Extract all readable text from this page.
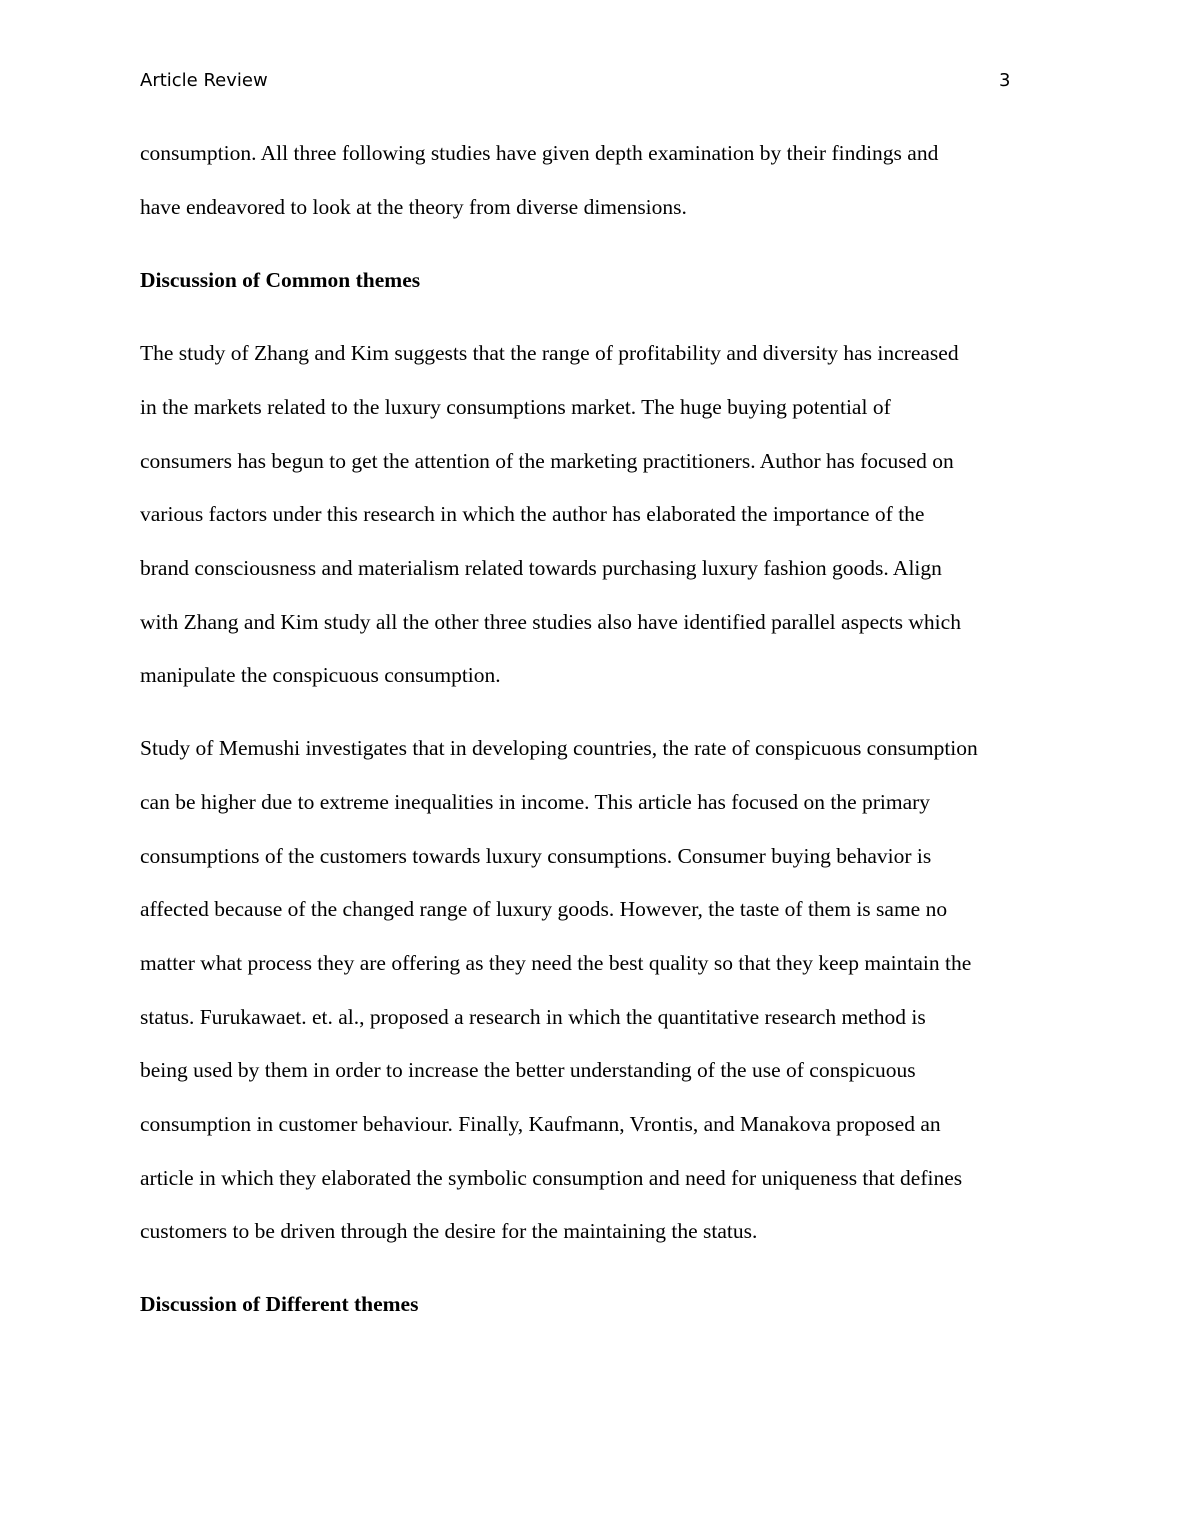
Article Review	3
consumption. All three following studies have given depth examination by their findings and
have endeavored to look at the theory from diverse dimensions.
Discussion of Common themes
The study of Zhang and Kim suggests that the range of profitability and diversity has increased
in the markets related to the luxury consumptions market. The huge buying potential of
consumers has begun to get the attention of the marketing practitioners. Author has focused on
various factors under this research in which the author has elaborated the importance of the
brand consciousness and materialism related towards purchasing luxury fashion goods. Align
with Zhang and Kim study all the other three studies also have identified parallel aspects which
manipulate the conspicuous consumption.
Study of Memushi investigates that in developing countries, the rate of conspicuous consumption
can be higher due to extreme inequalities in income. This article has focused on the primary
consumptions of the customers towards luxury consumptions. Consumer buying behavior is
affected because of the changed range of luxury goods. However, the taste of them is same no
matter what process they are offering as they need the best quality so that they keep maintain the
status. Furukawaet. et. al., proposed a research in which the quantitative research method is
being used by them in order to increase the better understanding of the use of conspicuous
consumption in customer behaviour. Finally, Kaufmann, Vrontis, and Manakova proposed an
article in which they elaborated the symbolic consumption and need for uniqueness that defines
customers to be driven through the desire for the maintaining the status.
Discussion of Different themes
